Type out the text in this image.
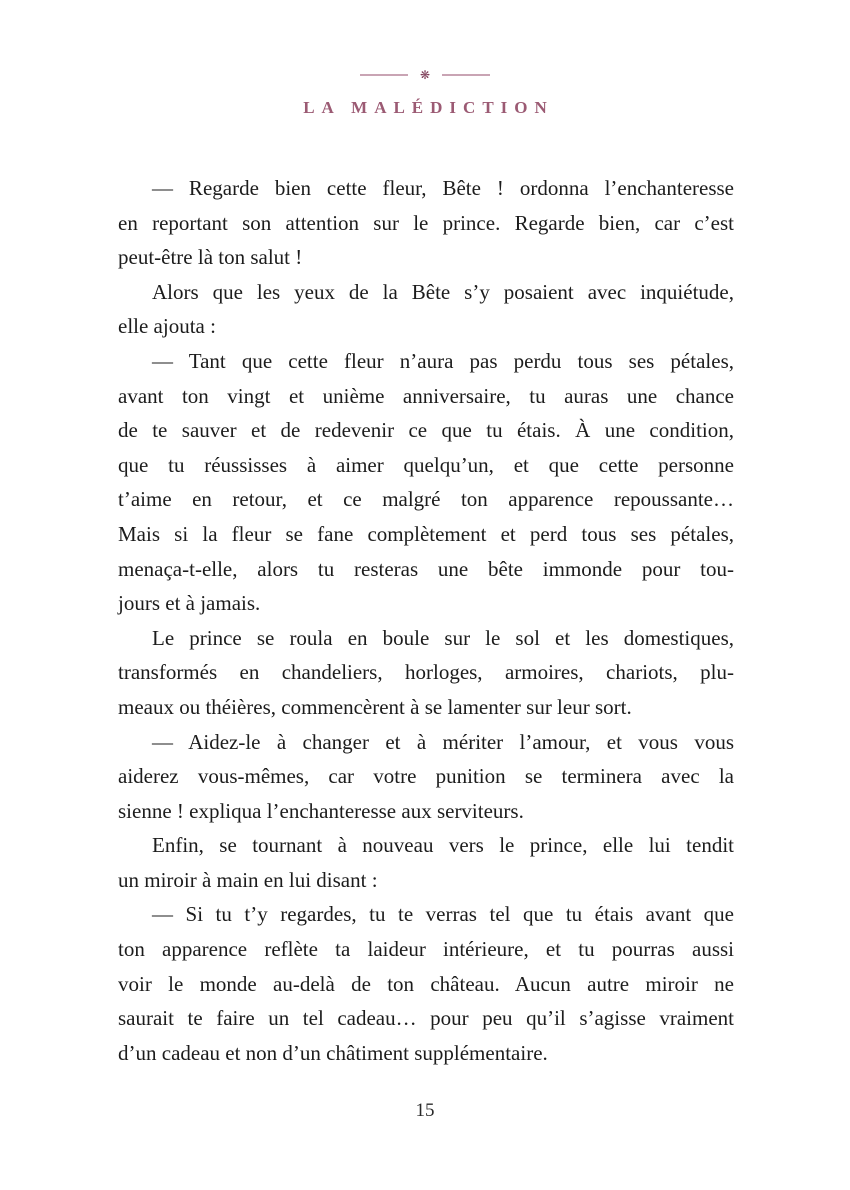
❋
LA MALÉDICTION
— Regarde bien cette fleur, Bête ! ordonna l’enchanteresse
en reportant son attention sur le prince. Regarde bien, car c’est
peut-être là ton salut !
Alors que les yeux de la Bête s’y posaient avec inquiétude,
elle ajouta :
— Tant que cette fleur n’aura pas perdu tous ses pétales,
avant ton vingt et unième anniversaire, tu auras une chance
de te sauver et de redevenir ce que tu étais. À une condition,
que tu réussisses à aimer quelqu’un, et que cette personne
t’aime en retour, et ce malgré ton apparence repoussante…
Mais si la fleur se fane complètement et perd tous ses pétales,
menaça-t-elle, alors tu resteras une bête immonde pour tou-
jours et à jamais.
Le prince se roula en boule sur le sol et les domestiques,
transformés en chandeliers, horloges, armoires, chariots, plu-
meaux ou théières, commencèrent à se lamenter sur leur sort.
— Aidez-le à changer et à mériter l’amour, et vous vous
aiderez vous-mêmes, car votre punition se terminera avec la
sienne ! expliqua l’enchanteresse aux serviteurs.
Enfin, se tournant à nouveau vers le prince, elle lui tendit
un miroir à main en lui disant :
— Si tu t’y regardes, tu te verras tel que tu étais avant que
ton apparence reflète ta laideur intérieure, et tu pourras aussi
voir le monde au-delà de ton château. Aucun autre miroir ne
saurait te faire un tel cadeau… pour peu qu’il s’agisse vraiment
d’un cadeau et non d’un châtiment supplémentaire.
15
